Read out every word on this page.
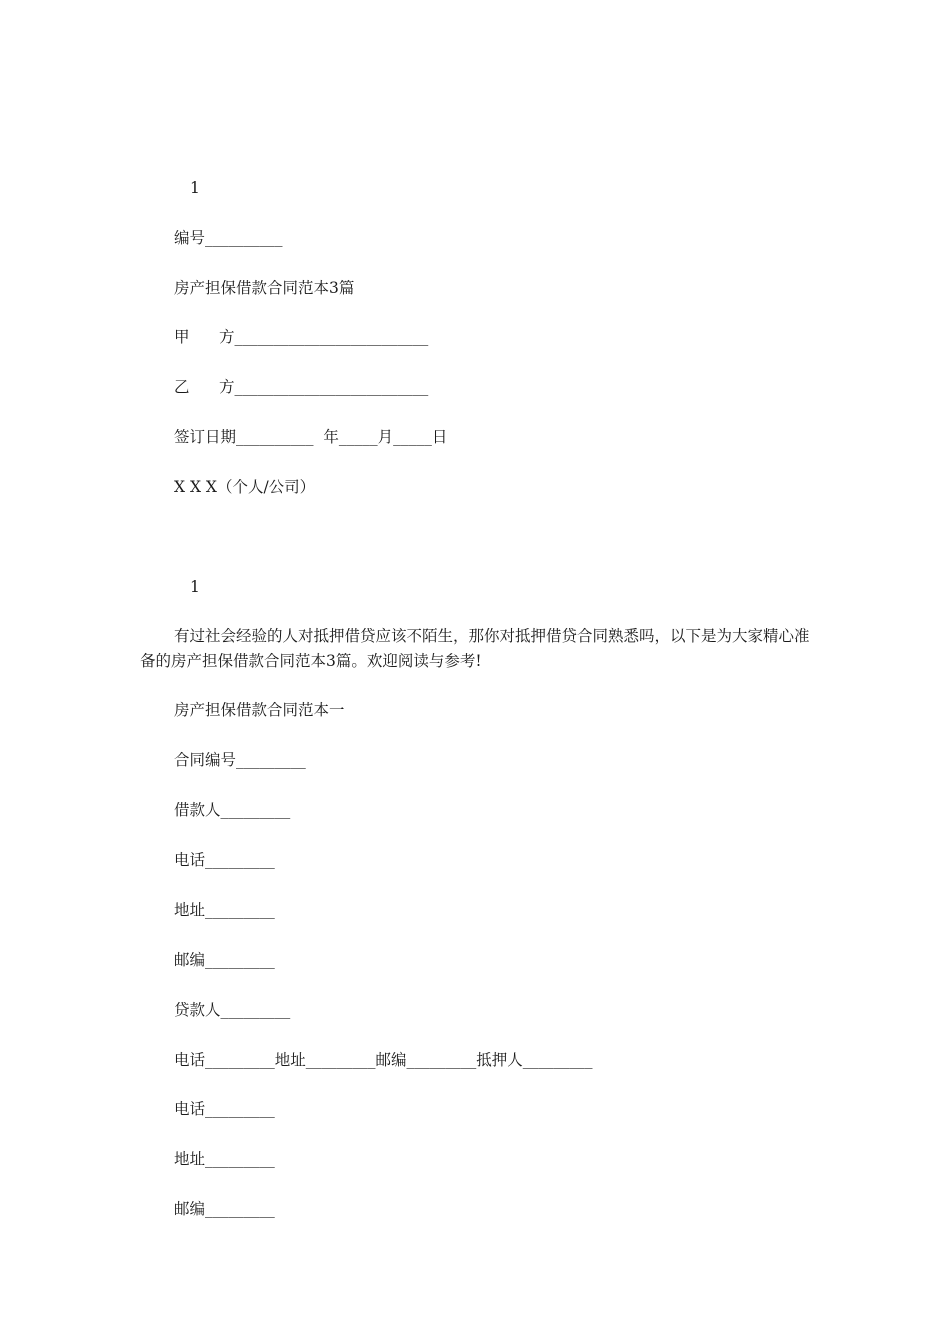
1
编号__________
房产担保借款合同范本3篇
甲      方_________________________
乙      方_________________________
签订日期__________  年_____月_____日
X X X（个人/公司）
1
有过社会经验的人对抵押借贷应该不陌生，那你对抵押借贷合同熟悉吗，以下是为大家精心准备的房产担保借款合同范本3篇。欢迎阅读与参考!
房产担保借款合同范本一
合同编号_________
借款人_________
电话_________
地址_________
邮编_________
贷款人_________
电话_________地址_________邮编_________抵押人_________
电话_________
地址_________
邮编_________
